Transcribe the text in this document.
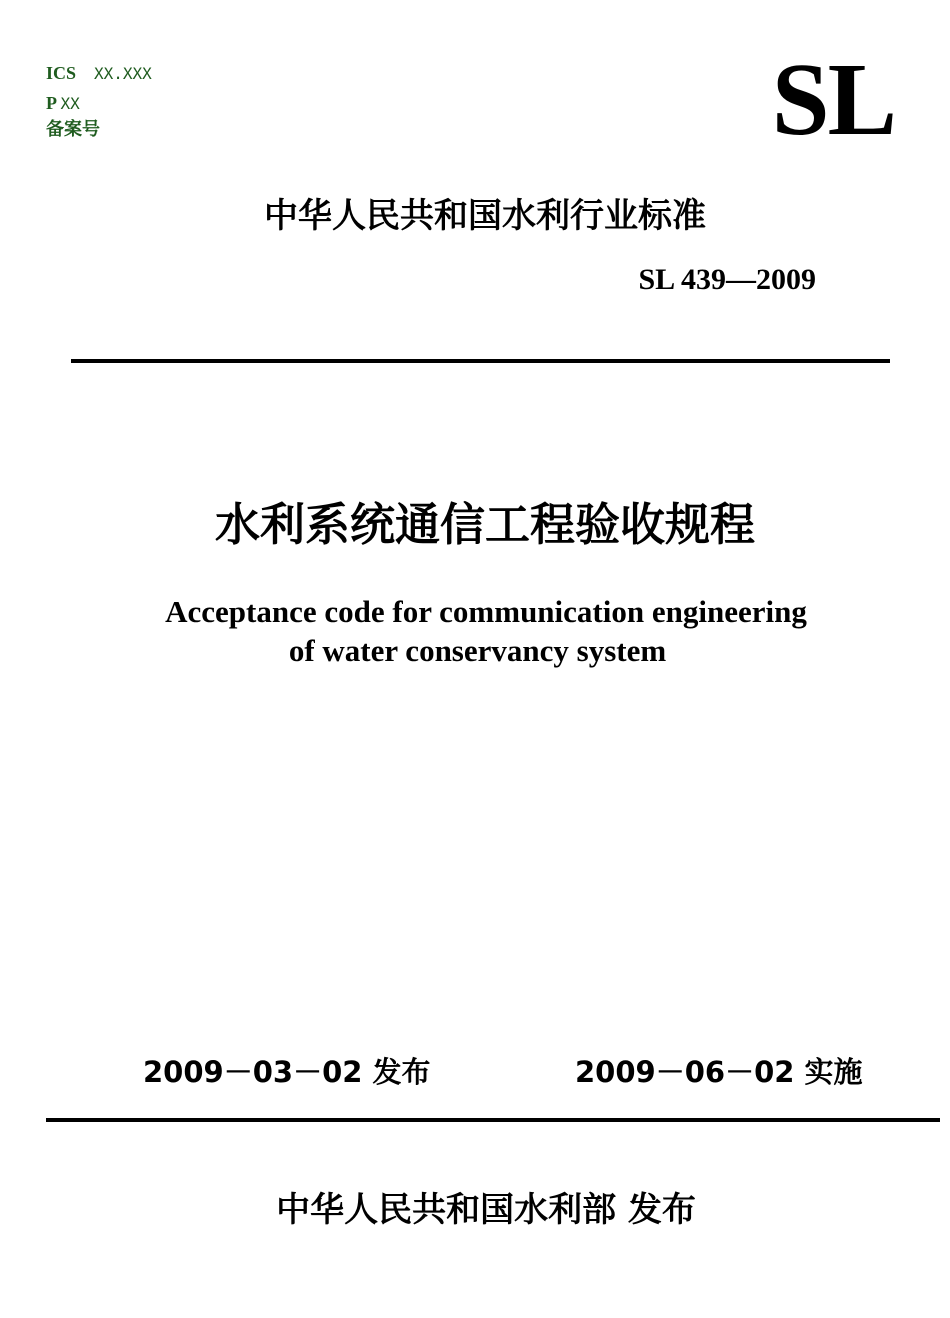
ICS XX.XXX
P XX
备案号	SL
中华人民共和国水利行业标准
SL 439—2009
水利系统通信工程验收规程
Acceptance code for communication engineering
of water conservancy system
2009－03－02 发布	2009－06－02 实施
中华人民共和国水利部 发布
